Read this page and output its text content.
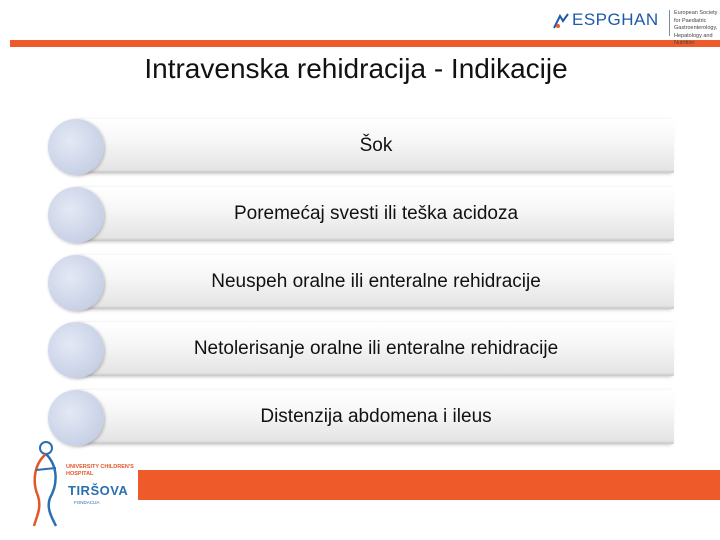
ESPGHAN	European Society for Paediatric
Gastroenterology, Hepatology and
Nutrition
Intravenska rehidracija - Indikacije
Šok
Poremećaj svesti ili teška acidoza
Neuspeh oralne ili enteralne rehidracije
Netolerisanje oralne ili enteralne rehidracije
Distenzija abdomena i ileus
UNIVERSITY CHILDREN'S
HOSPITAL
TIRŠOVA
FONDACIJA
